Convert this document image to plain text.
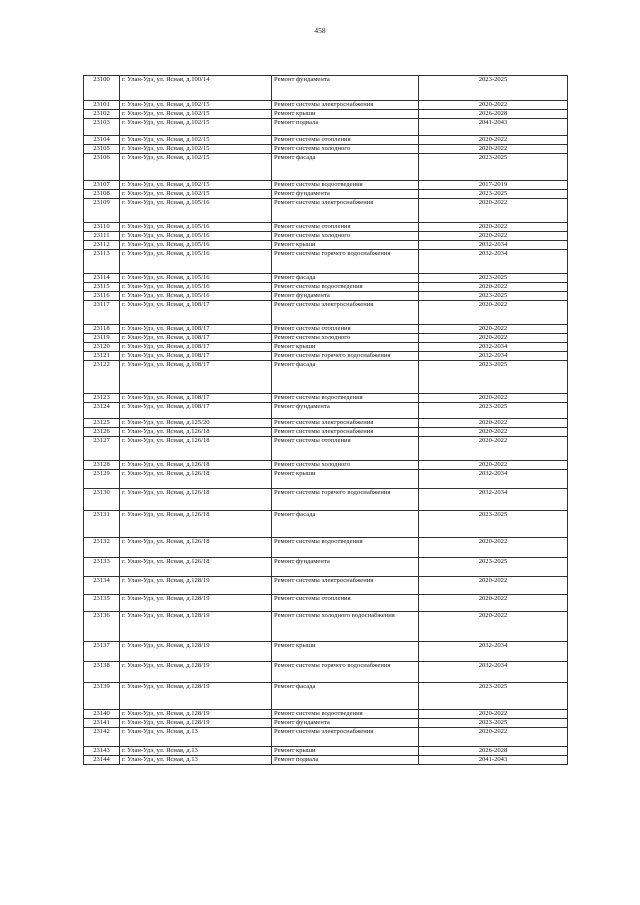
458
23100	г. Улан-Удэ, ул. Ясная, д.100/14	Ремонт фундамента	2023-2025
23101	г. Улан-Удэ, ул. Ясная, д.102/15	Ремонт системы электроснабжения	2020-2022
23102	г. Улан-Удэ, ул. Ясная, д.102/15	Ремонт крыши	2026-2028
23103	г. Улан-Удэ, ул. Ясная, д.102/15	Ремонт подвала	2041-2043
23104	г. Улан-Удэ, ул. Ясная, д.102/15	Ремонт системы отопления	2020-2022
23105	г. Улан-Удэ, ул. Ясная, д.102/15	Ремонт системы холодного	2020-2022
23106	г. Улан-Удэ, ул. Ясная, д.102/15	Ремонт фасада	2023-2025
23107	г. Улан-Удэ, ул. Ясная, д.102/15	Ремонт системы водоотведения	2017-2019
23108	г. Улан-Удэ, ул. Ясная, д.102/15	Ремонт фундамента	2023-2025
23109	г. Улан-Удэ, ул. Ясная, д.105/16	Ремонт системы электроснабжения	2020-2022
23110	г. Улан-Удэ, ул. Ясная, д.105/16	Ремонт системы отопления	2020-2022
23111	г. Улан-Удэ, ул. Ясная, д.105/16	Ремонт системы холодного	2020-2022
23112	г. Улан-Удэ, ул. Ясная, д.105/16	Ремонт крыши	2032-2034
23113	г. Улан-Удэ, ул. Ясная, д.105/16	Ремонт системы горячего водоснабжения	2032-2034
23114	г. Улан-Удэ, ул. Ясная, д.105/16	Ремонт фасада	2023-2025
23115	г. Улан-Удэ, ул. Ясная, д.105/16	Ремонт системы водоотведения	2020-2022
23116	г. Улан-Удэ, ул. Ясная, д.105/16	Ремонт фундамента	2023-2025
23117	г. Улан-Удэ, ул. Ясная, д.108/17	Ремонт системы электроснабжения	2020-2022
23118	г. Улан-Удэ, ул. Ясная, д.108/17	Ремонт системы отопления	2020-2022
23119	г. Улан-Удэ, ул. Ясная, д.108/17	Ремонт системы холодного	2020-2022
23120	г. Улан-Удэ, ул. Ясная, д.108/17	Ремонт крыши	2032-2034
23121	г. Улан-Удэ, ул. Ясная, д.108/17	Ремонт системы горячего водоснабжения	2032-2034
23122	г. Улан-Удэ, ул. Ясная, д.108/17	Ремонт фасада	2023-2025
23123	г. Улан-Удэ, ул. Ясная, д.108/17	Ремонт системы водоотведения	2020-2022
23124	г. Улан-Удэ, ул. Ясная, д.108/17	Ремонт фундамента	2023-2025
23125	г. Улан-Удэ, ул. Ясная, д.125/20	Ремонт системы электроснабжения	2020-2022
23126	г. Улан-Удэ, ул. Ясная, д.126/18	Ремонт системы электроснабжения	2020-2022
23127	г. Улан-Удэ, ул. Ясная, д.126/18	Ремонт системы отопления	2020-2022
23128	г. Улан-Удэ, ул. Ясная, д.126/18	Ремонт системы холодного	2020-2022
23129	г. Улан-Удэ, ул. Ясная, д.126/18	Ремонт крыши	2032-2034
23130	г. Улан-Удэ, ул. Ясная, д.126/18	Ремонт системы горячего водоснабжения	2032-2034
23131	г. Улан-Удэ, ул. Ясная, д.126/18	Ремонт фасада	2023-2025
23132	г. Улан-Удэ, ул. Ясная, д.126/18	Ремонт системы водоотведения	2020-2022
23133	г. Улан-Удэ, ул. Ясная, д.126/18	Ремонт фундамента	2023-2025
23134	г. Улан-Удэ, ул. Ясная, д.128/19	Ремонт системы электроснабжения	2020-2022
23135	г. Улан-Удэ, ул. Ясная, д.128/19	Ремонт системы отопления	2020-2022
23136	г. Улан-Удэ, ул. Ясная, д.128/19	Ремонт системы холодного водоснабжения	2020-2022
23137	г. Улан-Удэ, ул. Ясная, д.128/19	Ремонт крыши	2032-2034
23138	г. Улан-Удэ, ул. Ясная, д.128/19	Ремонт системы горячего водоснабжения	2032-2034
23139	г. Улан-Удэ, ул. Ясная, д.128/19	Ремонт фасада	2023-2025
23140	г. Улан-Удэ, ул. Ясная, д.128/19	Ремонт системы водоотведения	2020-2022
23141	г. Улан-Удэ, ул. Ясная, д.128/19	Ремонт фундамента	2023-2025
23142	г. Улан-Удэ, ул. Ясная, д.13	Ремонт системы электроснабжения	2020-2022
23143	г. Улан-Удэ, ул. Ясная, д.13	Ремонт крыши	2026-2028
23144	г. Улан-Удэ, ул. Ясная, д.13	Ремонт подвала	2041-2043
